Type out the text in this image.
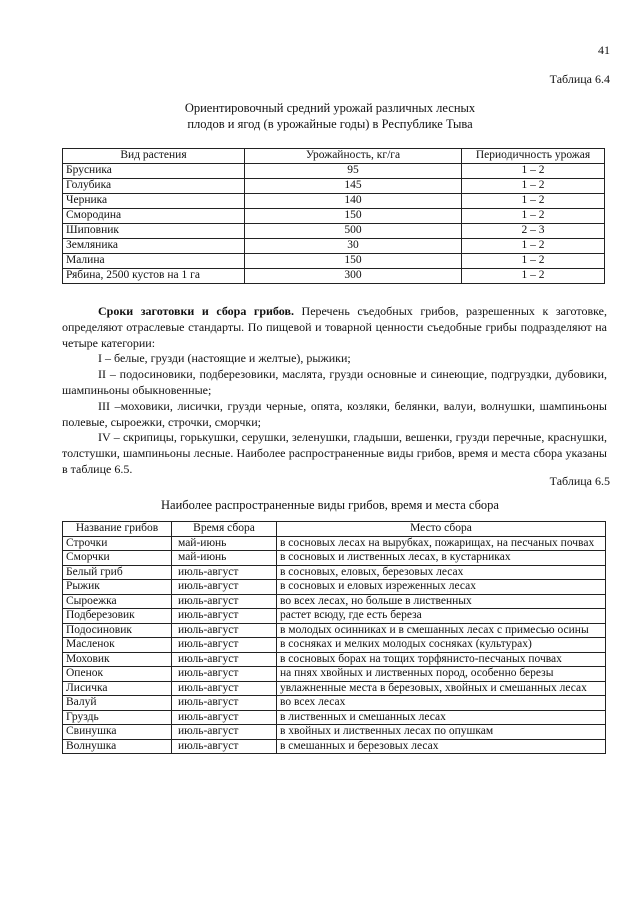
41
Таблица 6.4
Ориентировочный средний урожай различных лесных
плодов и ягод (в урожайные годы) в Республике Тыва
Вид растения	Урожайность, кг/га	Периодичность урожая
Брусника	95	1 – 2
Голубика	145	1 – 2
Черника	140	1 – 2
Смородина	150	1 – 2
Шиповник	500	2 – 3
Земляника	30	1 – 2
Малина	150	1 – 2
Рябина, 2500 кустов на 1 га	300	1 – 2

Сроки заготовки и сбора грибов. Перечень съедобных грибов, разрешенных к заготовке, определяют отраслевые стандарты. По пищевой и товарной ценности съедобные грибы подразделяют на четыре категории:

I – белые, грузди (настоящие и желтые), рыжики;

II – подосиновики, подберезовики, маслята, грузди основные и синеющие, подгруздки, дубовики, шампиньоны обыкновенные;

III –моховики, лисички, грузди черные, опята, козляки, белянки, валуи, волнушки, шампиньоны полевые, сыроежки, строчки, сморчки;

IV – скрипицы, горькушки, серушки, зеленушки, гладыши, вешенки, грузди перечные, краснушки, толстушки, шампиньоны лесные. Наиболее распространенные виды грибов, время и места сбора указаны в таблице 6.5.

Таблица 6.5
Наиболее распространенные виды грибов, время и места сбора
Название грибов	Время сбора	Место сбора
Строчки	май-июнь	в сосновых лесах на вырубках, пожарищах, на песчаных почвах
Сморчки	май-июнь	в сосновых и лиственных лесах, в кустарниках
Белый гриб	июль-август	в сосновых, еловых, березовых лесах
Рыжик	июль-август	в сосновых и еловых изреженных лесах
Сыроежка	июль-август	во всех лесах, но больше в лиственных
Подберезовик	июль-август	растет всюду, где есть береза
Подосиновик	июль-август	в молодых осинниках и в смешанных лесах с примесью осины
Масленок	июль-август	в сосняках и мелких молодых сосняках (культурах)
Моховик	июль-август	в сосновых борах на тощих торфянисто-песчаных почвах
Опенок	июль-август	на пнях хвойных и лиственных пород, особенно березы
Лисичка	июль-август	увлажненные места в березовых, хвойных и смешанных лесах
Валуй	июль-август	во всех лесах
Груздь	июль-август	в лиственных и смешанных лесах
Свинушка	июль-август	в хвойных и лиственных лесах по опушкам
Волнушка	июль-август	в смешанных и березовых лесах
